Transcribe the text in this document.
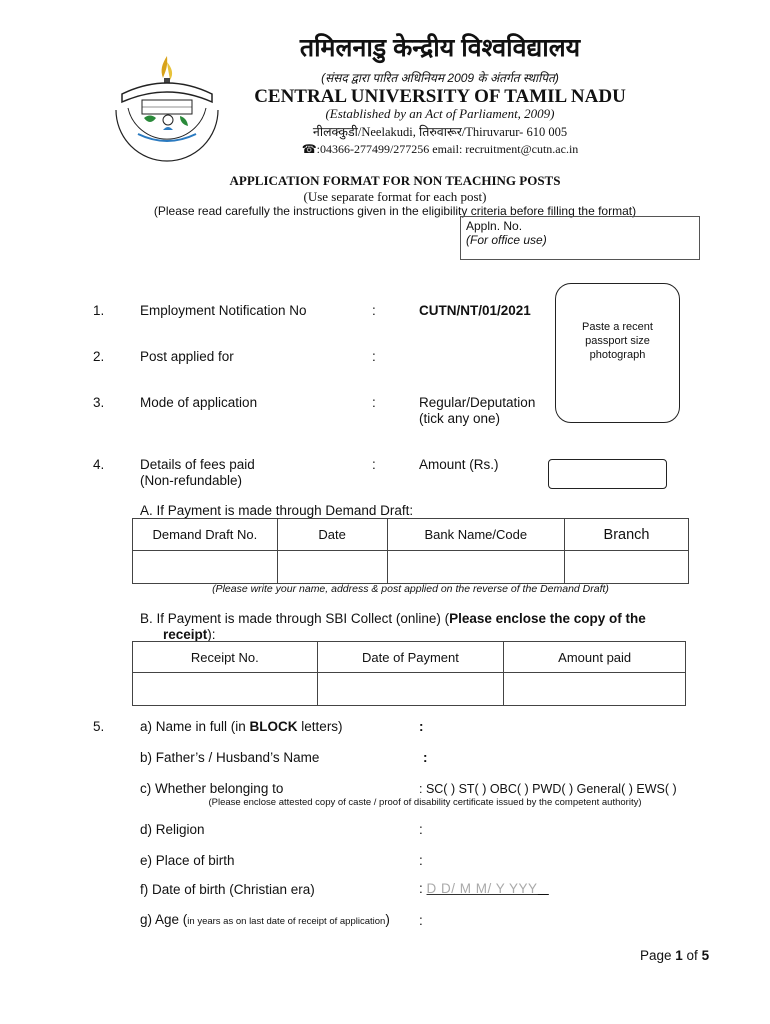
तमिलनाडु केन्द्रीय विश्वविद्यालय
(संसद द्वारा पारित अधिनियम 2009 के अंतर्गत स्थापित)
CENTRAL UNIVERSITY OF TAMIL NADU
(Established by an Act of Parliament, 2009)
नीलक्कुडी/Neelakudi, तिरुवारूर/Thiruvarur- 610 005
☎:04366-277499/277256 email: recruitment@cutn.ac.in
APPLICATION FORMAT FOR NON TEACHING POSTS
(Use separate format for each post)
(Please read carefully the instructions given in the eligibility criteria before filling the format)
Appln. No.
(For office use)
Paste a recent passport size photograph
1.	Employment Notification No	:	CUTN/NT/01/2021
2.	Post applied for	:
3.	Mode of application	:	Regular/Deputation
(tick any one)
4.	Details of fees paid
(Non-refundable)
:	Amount (Rs.)
A. If Payment is made through Demand Draft:
Demand Draft No.	Date	Bank Name/Code	Branch

(Please write your name, address & post applied on the reverse of the Demand Draft)
B. If Payment is made through SBI Collect (online) (Please enclose the copy of the
receipt):
Receipt No.	Date of Payment	Amount paid

5.	a) Name in full (in BLOCK letters)	:
b) Father’s / Husband’s Name	:
c) Whether belonging to	: SC( ) ST( ) OBC( ) PWD( ) General( ) EWS( )
(Please enclose attested copy of caste / proof of disability certificate issued by the competent authority)
d) Religion	:
e) Place of birth	:
f) Date of birth (Christian era)	: D D/ M M/ Y YYY
g) Age (in years as on last date of receipt of application) :
Page 1 of 5
